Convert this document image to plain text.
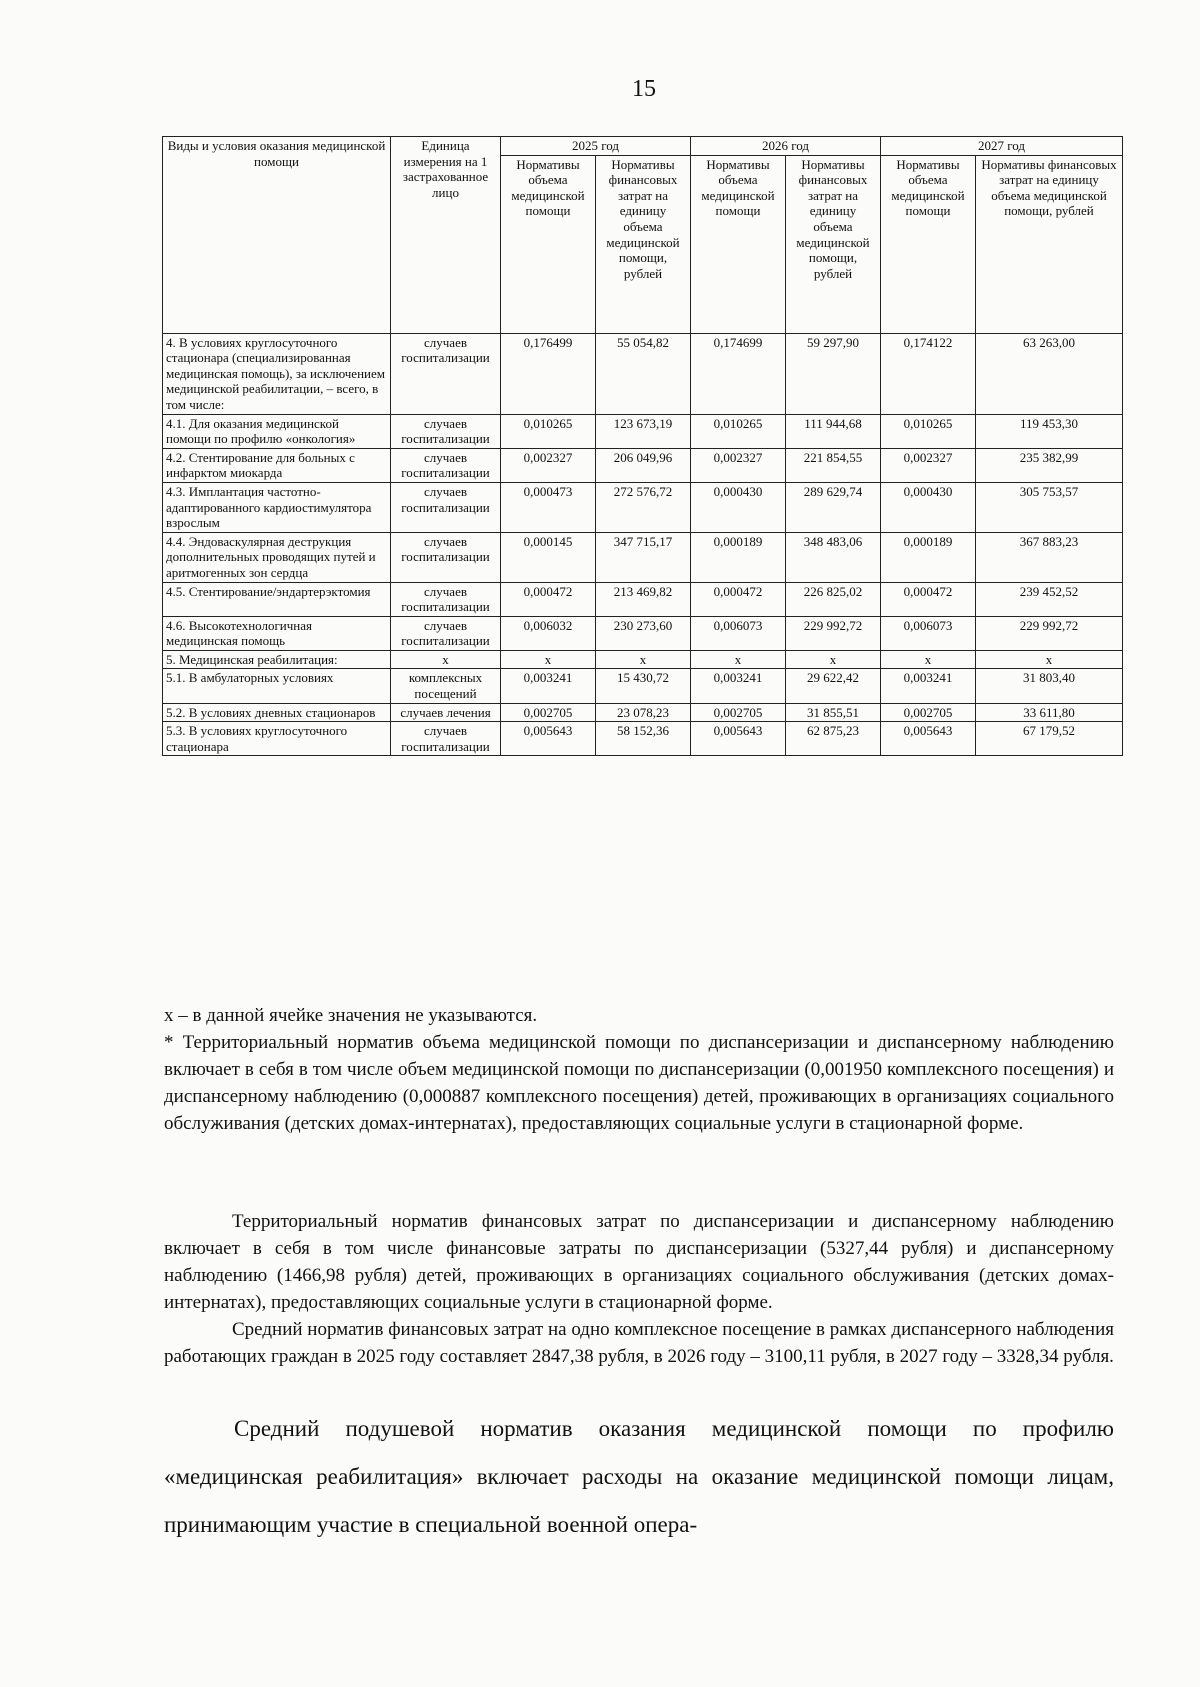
15
Виды и условия оказания медицинской помощи	Единица измерения на 1 застрахованное лицо	2025 год		2026 год		2027 год	
		Нормативы объема медицинской помощи	Нормативы финансовых затрат на единицу объема медицинской помощи, рублей	Нормативы объема медицинской помощи	Нормативы финансовых затрат на единицу объема медицинской помощи, рублей	Нормативы объема медицинской помощи	Нормативы финансовых затрат на единицу объема медицинской помощи, рублей
4. В условиях круглосуточного стационара (специализированная медицинская помощь), за исключением медицинской реабилитации, – всего, в том числе:	случаев госпитализации	0,176499	55 054,82	0,174699	59 297,90	0,174122	63 263,00
4.1. Для оказания медицинской помощи по профилю «онкология»	случаев госпитализации	0,010265	123 673,19	0,010265	111 944,68	0,010265	119 453,30
4.2. Стентирование для больных с инфарктом миокарда	случаев госпитализации	0,002327	206 049,96	0,002327	221 854,55	0,002327	235 382,99
4.3. Имплантация частотно-адаптированного кардиостимулятора взрослым	случаев госпитализации	0,000473	272 576,72	0,000430	289 629,74	0,000430	305 753,57
4.4. Эндоваскулярная деструкция дополнительных проводящих путей и аритмогенных зон сердца	случаев госпитализации	0,000145	347 715,17	0,000189	348 483,06	0,000189	367 883,23
4.5. Стентирование/эндартерэктомия	случаев госпитализации	0,000472	213 469,82	0,000472	226 825,02	0,000472	239 452,52
4.6. Высокотехнологичная медицинская помощь	случаев госпитализации	0,006032	230 273,60	0,006073	229 992,72	0,006073	229 992,72
5. Медицинская реабилитация:	х	х	х	х	х	х	х
5.1. В амбулаторных условиях	комплексных посещений	0,003241	15 430,72	0,003241	29 622,42	0,003241	31 803,40
5.2. В условиях дневных стационаров	случаев лечения	0,002705	23 078,23	0,002705	31 855,51	0,002705	33 611,80
5.3. В условиях круглосуточного стационара	случаев госпитализации	0,005643	58 152,36	0,005643	62 875,23	0,005643	67 179,52

х – в данной ячейке значения не указываются.

* Территориальный норматив объема медицинской помощи по диспансеризации и диспансерному наблюдению включает в себя в том числе объем медицинской помощи по диспансеризации (0,001950 комплексного посещения) и диспансерному наблюдению (0,000887 комплексного посещения) детей, проживающих в организациях социального обслуживания (детских домах-интернатах), предоставляющих социальные услуги в стационарной форме.

Территориальный норматив финансовых затрат по диспансеризации и диспансерному наблюдению включает в себя в том числе финансовые затраты по диспансеризации (5327,44 рубля) и диспансерному наблюдению (1466,98 рубля) детей, проживающих в организациях социального обслуживания (детских домах-интернатах), предоставляющих социальные услуги в стационарной форме.

Средний норматив финансовых затрат на одно комплексное посещение в рамках диспансерного наблюдения работающих граждан в 2025 году составляет 2847,38 рубля, в 2026 году – 3100,11 рубля, в 2027 году – 3328,34 рубля.

Средний подушевой норматив оказания медицинской помощи по профилю «медицинская реабилитация» включает расходы на оказание медицинской помощи лицам, принимающим участие в специальной военной опера-
